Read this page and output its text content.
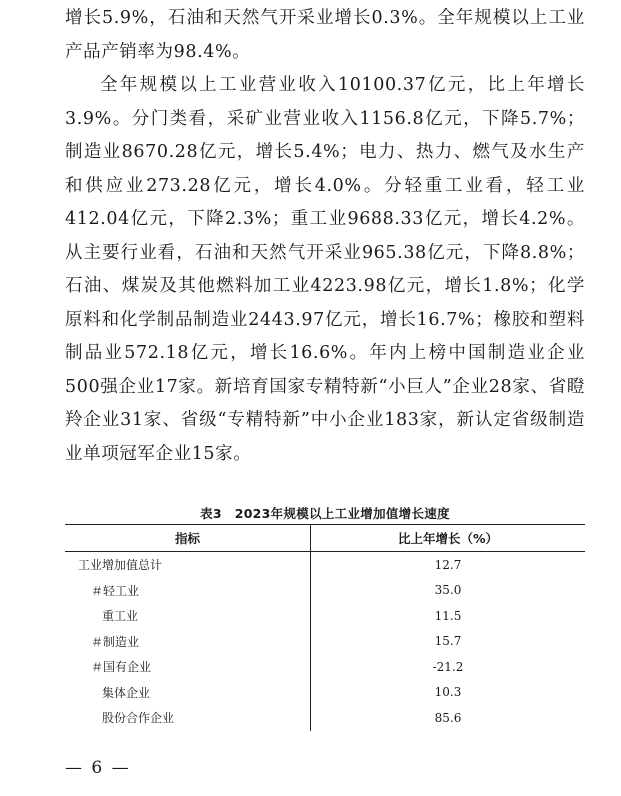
增长5.9%，石油和天然气开采业增长0.3%。全年规模以上工业产品产销率为98.4%。

全年规模以上工业营业收入10100.37亿元，比上年增长3.9%。分门类看，采矿业营业收入1156.8亿元，下降5.7%；制造业8670.28亿元，增长5.4%；电力、热力、燃气及水生产和供应业273.28亿元，增长4.0%。分轻重工业看，轻工业412.04亿元，下降2.3%；重工业9688.33亿元，增长4.2%。从主要行业看，石油和天然气开采业965.38亿元，下降8.8%；石油、煤炭及其他燃料加工业4223.98亿元，增长1.8%；化学原料和化学制品制造业2443.97亿元，增长16.7%；橡胶和塑料制品业572.18亿元，增长16.6%。年内上榜中国制造业企业500强企业17家。新培育国家专精特新“小巨人”企业28家、省瞪羚企业31家、省级“专精特新”中小企业183家，新认定省级制造业单项冠军企业15家。

表3　2023年规模以上工业增加值增长速度
指标	比上年增长（%）
工业增加值总计	12.7
＃轻工业	35.0
重工业	11.5
＃制造业	15.7
＃国有企业	-21.2
集体企业	10.3
股份合作企业	85.6
— 6 —
